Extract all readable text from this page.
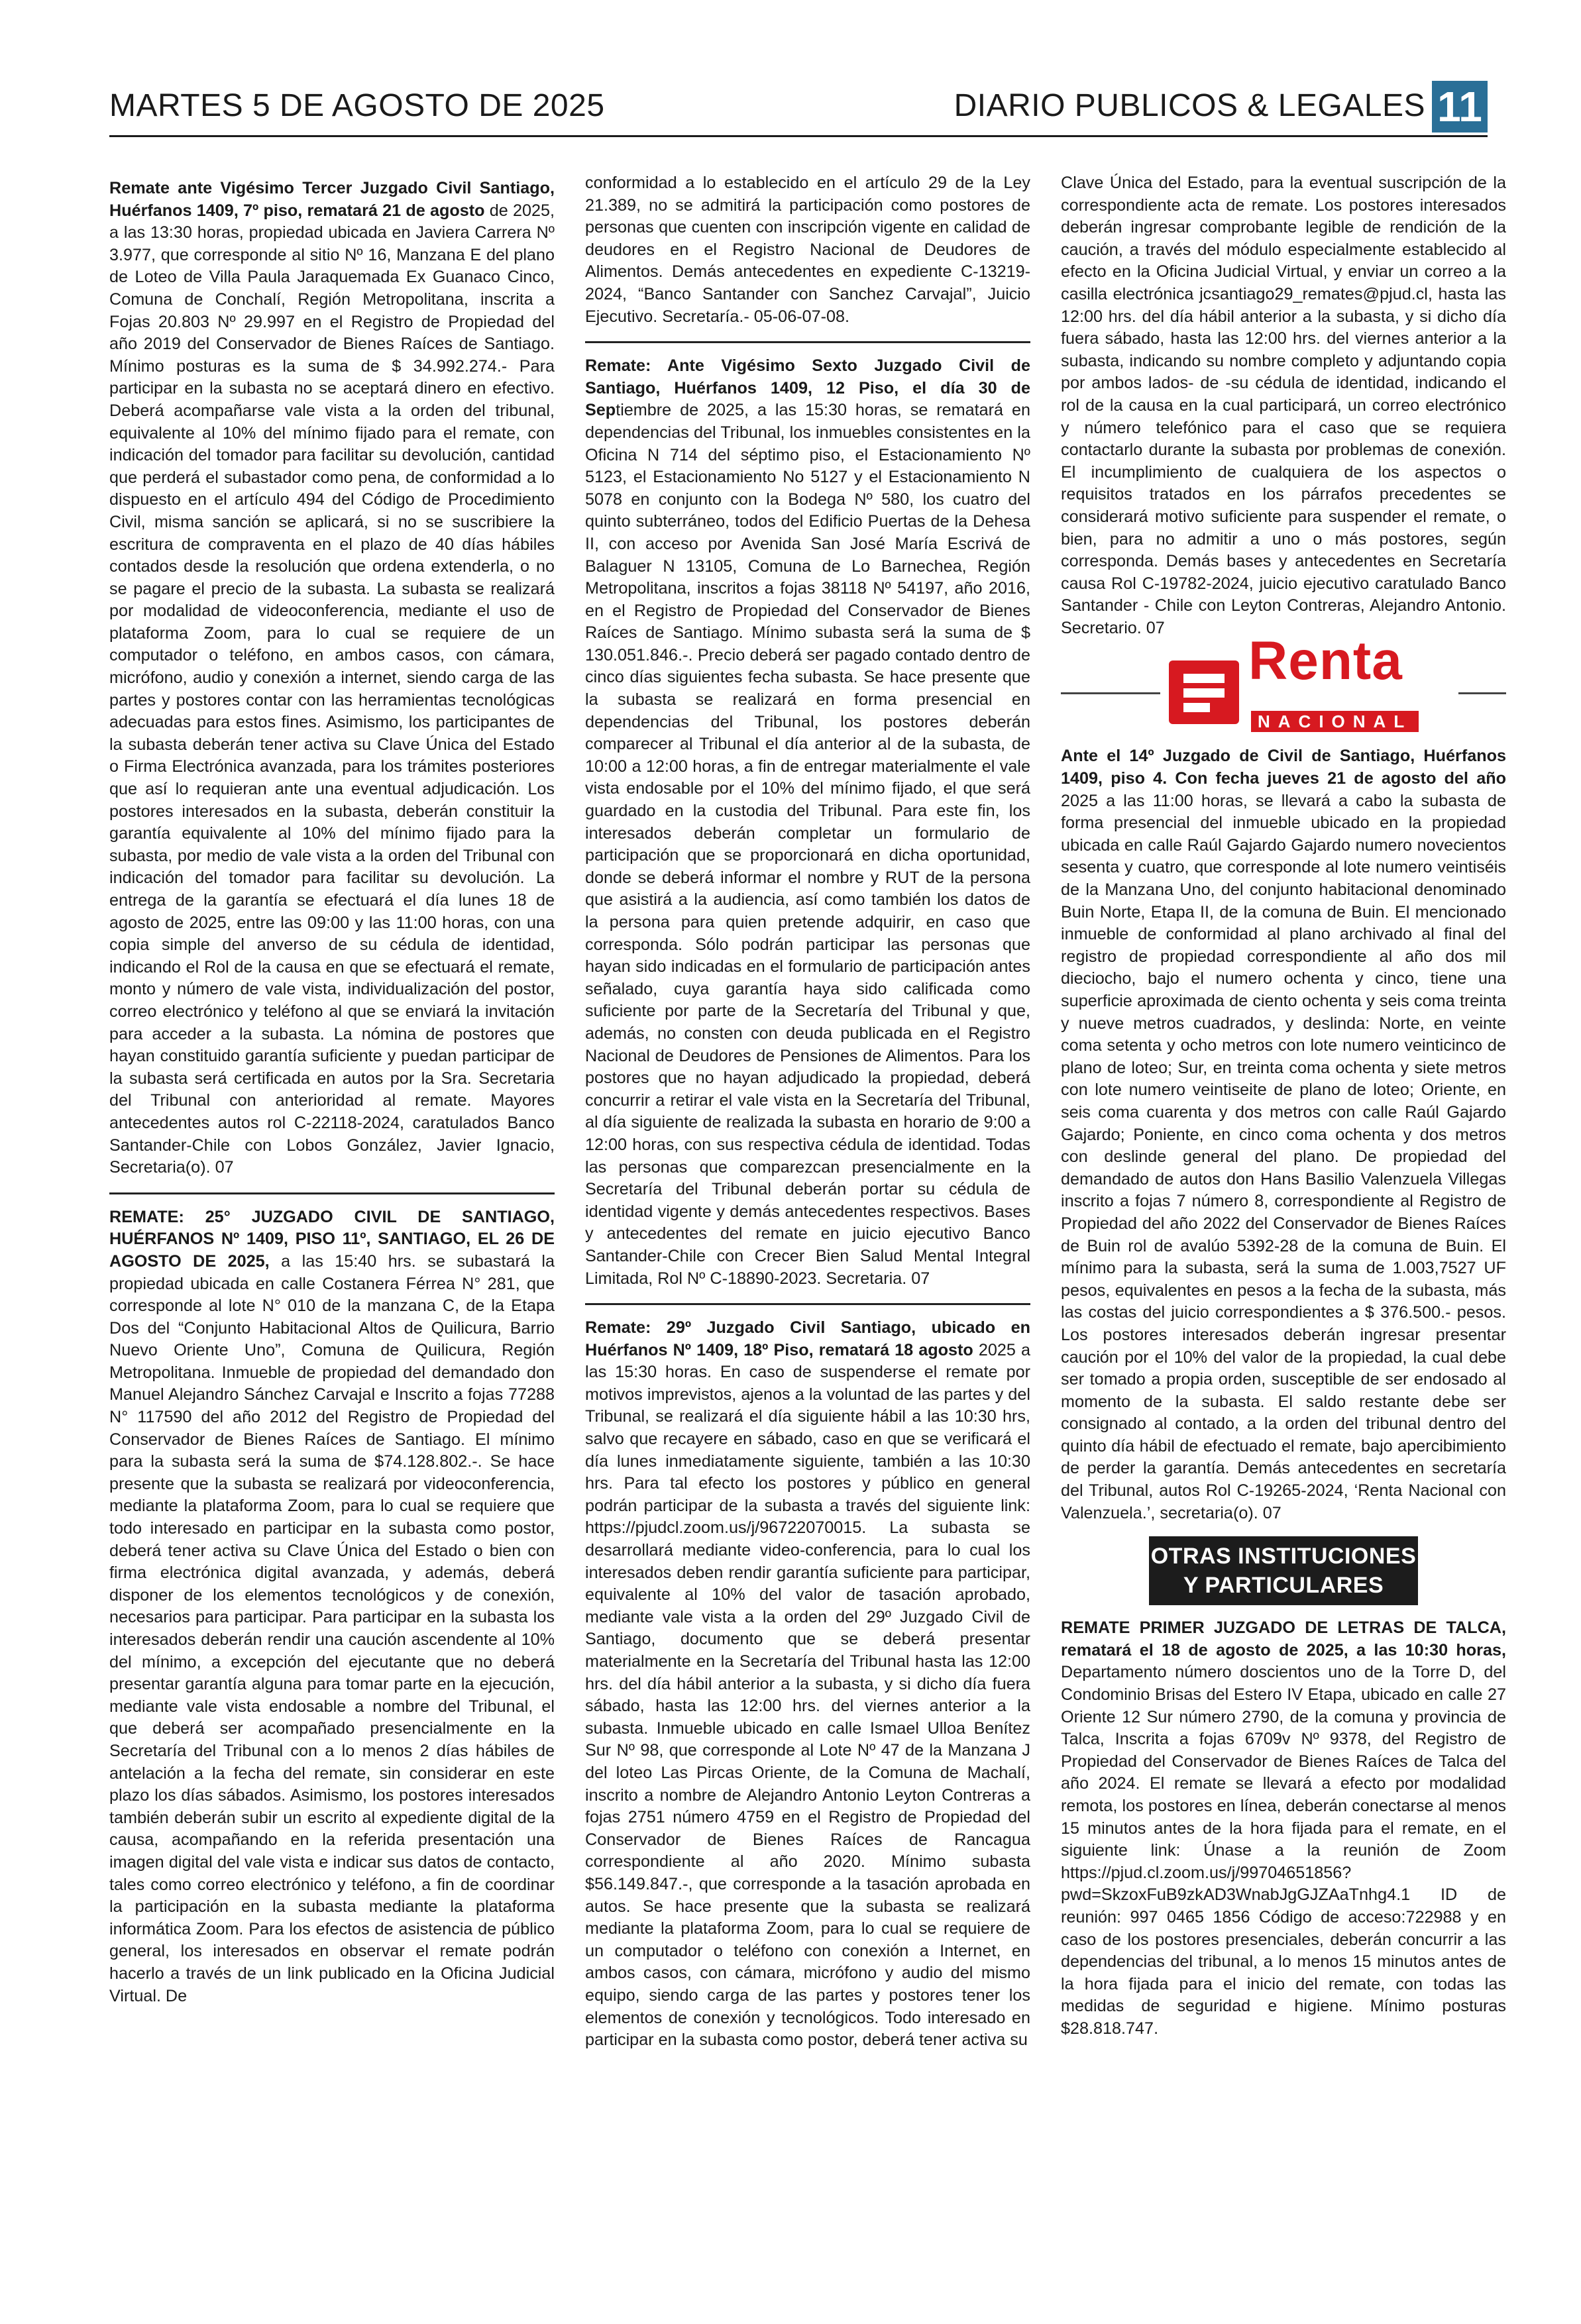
MARTES 5 DE AGOSTO DE 2025	DIARIO PUBLICOS & LEGALES 11

Remate ante Vigésimo Tercer Juzgado Civil Santiago, Huérfanos 1409, 7º piso, rematará 21 de agosto de 2025, a las 13:30 horas, propiedad ubicada en Javiera Carrera Nº 3.977, que corresponde al sitio Nº 16, Manzana E del plano de Loteo de Villa Paula Jaraquemada Ex Guanaco Cinco, Comuna de Conchalí, Región Metropolitana, inscrita a Fojas 20.803 Nº 29.997 en el Registro de Propiedad del año 2019 del Conservador de Bienes Raíces de Santiago. Mínimo posturas es la suma de $ 34.992.274.- Para participar en la subasta no se aceptará dinero en efectivo. Deberá acompañarse vale vista a la orden del tribunal, equivalente al 10% del mínimo fijado para el remate, con indicación del tomador para facilitar su devolución, cantidad que perderá el subastador como pena, de conformidad a lo dispuesto en el artículo 494 del Código de Procedimiento Civil, misma sanción se aplicará, si no se suscribiere la escritura de compraventa en el plazo de 40 días hábiles contados desde la resolución que ordena extenderla, o no se pagare el precio de la subasta. La subasta se realizará por modalidad de videoconferencia, mediante el uso de plataforma Zoom, para lo cual se requiere de un computador o teléfono, en ambos casos, con cámara, micrófono, audio y conexión a internet, siendo carga de las partes y postores contar con las herramientas tecnológicas adecuadas para estos fines. Asimismo, los participantes de la subasta deberán tener activa su Clave Única del Estado o Firma Electrónica avanzada, para los trámites posteriores que así lo requieran ante una eventual adjudicación. Los postores interesados en la subasta, deberán constituir la garantía equivalente al 10% del mínimo fijado para la subasta, por medio de vale vista a la orden del Tribunal con indicación del tomador para facilitar su devolución. La entrega de la garantía se efectuará el día lunes 18 de agosto de 2025, entre las 09:00 y las 11:00 horas, con una copia simple del anverso de su cédula de identidad, indicando el Rol de la causa en que se efectuará el remate, monto y número de vale vista, individualización del postor, correo electrónico y teléfono al que se enviará la invitación para acceder a la subasta. La nómina de postores que hayan constituido garantía suficiente y puedan participar de la subasta será certificada en autos por la Sra. Secretaria del Tribunal con anterioridad al remate. Mayores antecedentes autos rol C-22118-2024, caratulados Banco Santander-Chile con Lobos González, Javier Ignacio, Secretaria(o). 07

REMATE: 25° JUZGADO CIVIL DE SANTIAGO, HUÉRFANOS Nº 1409, PISO 11º, SANTIAGO, EL 26 DE AGOSTO DE 2025, a las 15:40 hrs. se subastará la propiedad ubicada en calle Costanera Férrea N° 281, que corresponde al lote N° 010 de la manzana C, de la Etapa Dos del “Conjunto Habitacional Altos de Quilicura, Barrio Nuevo Oriente Uno”, Comuna de Quilicura, Región Metropolitana. Inmueble de propiedad del demandado don Manuel Alejandro Sánchez Carvajal e Inscrito a fojas 77288 N° 117590 del año 2012 del Registro de Propiedad del Conservador de Bienes Raíces de Santiago. El mínimo para la subasta será la suma de $74.128.802.-. Se hace presente que la subasta se realizará por videoconferencia, mediante la plataforma Zoom, para lo cual se requiere que todo interesado en participar en la subasta como postor, deberá tener activa su Clave Única del Estado o bien con firma electrónica digital avanzada, y además, deberá disponer de los elementos tecnológicos y de conexión, necesarios para participar. Para participar en la subasta los interesados deberán rendir una caución ascendente al 10% del mínimo, a excepción del ejecutante que no deberá presentar garantía alguna para tomar parte en la ejecución, mediante vale vista endosable a nombre del Tribunal, el que deberá ser acompañado presencialmente en la Secretaría del Tribunal con a lo menos 2 días hábiles de antelación a la fecha del remate, sin considerar en este plazo los días sábados. Asimismo, los postores interesados también deberán subir un escrito al expediente digital de la causa, acompañando en la referida presentación una imagen digital del vale vista e indicar sus datos de contacto, tales como correo electrónico y teléfono, a fin de coordinar la participación en la subasta mediante la plataforma informática Zoom. Para los efectos de asistencia de público general, los interesados en observar el remate podrán hacerlo a través de un link publicado en la Oficina Judicial Virtual. De

conformidad a lo establecido en el artículo 29 de la Ley 21.389, no se admitirá la participación como postores de personas que cuenten con inscripción vigente en calidad de deudores en el Registro Nacional de Deudores de Alimentos. Demás antecedentes en expediente C-13219-2024, “Banco Santander con Sanchez Carvajal”, Juicio Ejecutivo. Secretaría.- 05-06-07-08.

Remate: Ante Vigésimo Sexto Juzgado Civil de Santiago, Huérfanos 1409, 12 Piso, el día 30 de Septiembre de 2025, a las 15:30 horas, se rematará en dependencias del Tribunal, los inmuebles consistentes en la Oficina N 714 del séptimo piso, el Estacionamiento Nº 5123, el Estacionamiento No 5127 y el Estacionamiento N 5078 en conjunto con la Bodega Nº 580, los cuatro del quinto subterráneo, todos del Edificio Puertas de la Dehesa II, con acceso por Avenida San José María Escrivá de Balaguer N 13105, Comuna de Lo Barnechea, Región Metropolitana, inscritos a fojas 38118 Nº 54197, año 2016, en el Registro de Propiedad del Conservador de Bienes Raíces de Santiago. Mínimo subasta será la suma de $ 130.051.846.-. Precio deberá ser pagado contado dentro de cinco días siguientes fecha subasta. Se hace presente que la subasta se realizará en forma presencial en dependencias del Tribunal, los postores deberán comparecer al Tribunal el día anterior al de la subasta, de 10:00 a 12:00 horas, a fin de entregar materialmente el vale vista endosable por el 10% del mínimo fijado, el que será guardado en la custodia del Tribunal. Para este fin, los interesados deberán completar un formulario de participación que se proporcionará en dicha oportunidad, donde se deberá informar el nombre y RUT de la persona que asistirá a la audiencia, así como también los datos de la persona para quien pretende adquirir, en caso que corresponda. Sólo podrán participar las personas que hayan sido indicadas en el formulario de participación antes señalado, cuya garantía haya sido calificada como suficiente por parte de la Secretaría del Tribunal y que, además, no consten con deuda publicada en el Registro Nacional de Deudores de Pensiones de Alimentos. Para los postores que no hayan adjudicado la propiedad, deberá concurrir a retirar el vale vista en la Secretaría del Tribunal, al día siguiente de realizada la subasta en horario de 9:00 a 12:00 horas, con sus respectiva cédula de identidad. Todas las personas que comparezcan presencialmente en la Secretaría del Tribunal deberán portar su cédula de identidad vigente y demás antecedentes respectivos. Bases y antecedentes del remate en juicio ejecutivo Banco Santander-Chile con Crecer Bien Salud Mental Integral Limitada, Rol Nº C-18890-2023. Secretaria. 07

Remate: 29º Juzgado Civil Santiago, ubicado en Huérfanos Nº 1409, 18º Piso, rematará 18 agosto 2025 a las 15:30 horas. En caso de suspenderse el remate por motivos imprevistos, ajenos a la voluntad de las partes y del Tribunal, se realizará el día siguiente hábil a las 10:30 hrs, salvo que recayere en sábado, caso en que se verificará el día lunes inmediatamente siguiente, también a las 10:30 hrs. Para tal efecto los postores y público en general podrán participar de la subasta a través del siguiente link: https://pjudcl.zoom.us/j/96722070015. La subasta se desarrollará mediante video-conferencia, para lo cual los interesados deben rendir garantía suficiente para participar, equivalente al 10% del valor de tasación aprobado, mediante vale vista a la orden del 29º Juzgado Civil de Santiago, documento que se deberá presentar materialmente en la Secretaría del Tribunal hasta las 12:00 hrs. del día hábil anterior a la subasta, y si dicho día fuera sábado, hasta las 12:00 hrs. del viernes anterior a la subasta. Inmueble ubicado en calle Ismael Ulloa Benítez Sur Nº 98, que corresponde al Lote Nº 47 de la Manzana J del loteo Las Pircas Oriente, de la Comuna de Machalí, inscrito a nombre de Alejandro Antonio Leyton Contreras a fojas 2751 número 4759 en el Registro de Propiedad del Conservador de Bienes Raíces de Rancagua correspondiente al año 2020. Mínimo subasta $56.149.847.-, que corresponde a la tasación aprobada en autos. Se hace presente que la subasta se realizará mediante la plataforma Zoom, para lo cual se requiere de un computador o teléfono con conexión a Internet, en ambos casos, con cámara, micrófono y audio del mismo equipo, siendo carga de las partes y postores tener los elementos de conexión y tecnológicos. Todo interesado en participar en la subasta como postor, deberá tener activa su

Clave Única del Estado, para la eventual suscripción de la correspondiente acta de remate. Los postores interesados deberán ingresar comprobante legible de rendición de la caución, a través del módulo especialmente establecido al efecto en la Oficina Judicial Virtual, y enviar un correo a la casilla electrónica jcsantiago29_remates@pjud.cl, hasta las 12:00 hrs. del día hábil anterior a la subasta, y si dicho día fuera sábado, hasta las 12:00 hrs. del viernes anterior a la subasta, indicando su nombre completo y adjuntando copia por ambos lados- de -su cédula de identidad, indicando el rol de la causa en la cual participará, un correo electrónico y número telefónico para el caso que se requiera contactarlo durante la subasta por problemas de conexión. El incumplimiento de cualquiera de los aspectos o requisitos tratados en los párrafos precedentes se considerará motivo suficiente para suspender el remate, o bien, para no admitir a uno o más postores, según corresponda. Demás bases y antecedentes en Secretaría causa Rol C-19782-2024, juicio ejecutivo caratulado Banco Santander - Chile con Leyton Contreras, Alejandro Antonio. Secretario. 07

Renta
NACIONAL

Ante el 14º Juzgado de Civil de Santiago, Huérfanos 1409, piso 4. Con fecha jueves 21 de agosto del año 2025 a las 11:00 horas, se llevará a cabo la subasta de forma presencial del inmueble ubicado en la propiedad ubicada en calle Raúl Gajardo Gajardo numero novecientos sesenta y cuatro, que corresponde al lote numero veintiséis de la Manzana Uno, del conjunto habitacional denominado Buin Norte, Etapa II, de la comuna de Buin. El mencionado inmueble de conformidad al plano archivado al final del registro de propiedad correspondiente al año dos mil dieciocho, bajo el numero ochenta y cinco, tiene una superficie aproximada de ciento ochenta y seis coma treinta y nueve metros cuadrados, y deslinda: Norte, en veinte coma setenta y ocho metros con lote numero veinticinco de plano de loteo; Sur, en treinta coma ochenta y siete metros con lote numero veintiseite de plano de loteo; Oriente, en seis coma cuarenta y dos metros con calle Raúl Gajardo Gajardo; Poniente, en cinco coma ochenta y dos metros con deslinde general del plano. De propiedad del demandado de autos don Hans Basilio Valenzuela Villegas inscrito a fojas 7 número 8, correspondiente al Registro de Propiedad del año 2022 del Conservador de Bienes Raíces de Buin rol de avalúo 5392-28 de la comuna de Buin. El mínimo para la subasta, será la suma de 1.003,7527 UF pesos, equivalentes en pesos a la fecha de la subasta, más las costas del juicio correspondientes a $ 376.500.- pesos. Los postores interesados deberán ingresar presentar caución por el 10% del valor de la propiedad, la cual debe ser tomado a propia orden, susceptible de ser endosado al momento de la subasta. El saldo restante debe ser consignado al contado, a la orden del tribunal dentro del quinto día hábil de efectuado el remate, bajo apercibimiento de perder la garantía. Demás antecedentes en secretaría del Tribunal, autos Rol C-19265-2024, ‘Renta Nacional con Valenzuela.’, secretaria(o). 07

OTRAS INSTITUCIONES
Y PARTICULARES

REMATE PRIMER JUZGADO DE LETRAS DE TALCA, rematará el 18 de agosto de 2025, a las 10:30 horas, Departamento número doscientos uno de la Torre D, del Condominio Brisas del Estero IV Etapa, ubicado en calle 27 Oriente 12 Sur número 2790, de la comuna y provincia de Talca, Inscrita a fojas 6709v Nº 9378, del Registro de Propiedad del Conservador de Bienes Raíces de Talca del año 2024. El remate se llevará a efecto por modalidad remota, los postores en línea, deberán conectarse al menos 15 minutos antes de la hora fijada para el remate, en el siguiente link: Únase a la reunión de Zoom https://pjud.cl.zoom.us/j/99704651856?pwd=SkzoxFuB9zkAD3WnabJgGJZAaTnhg4.1 ID de reunión: 997 0465 1856 Código de acceso:722988 y en caso de los postores presenciales, deberán concurrir a las dependencias del tribunal, a lo menos 15 minutos antes de la hora fijada para el inicio del remate, con todas las medidas de seguridad e higiene. Mínimo posturas $28.818.747.
